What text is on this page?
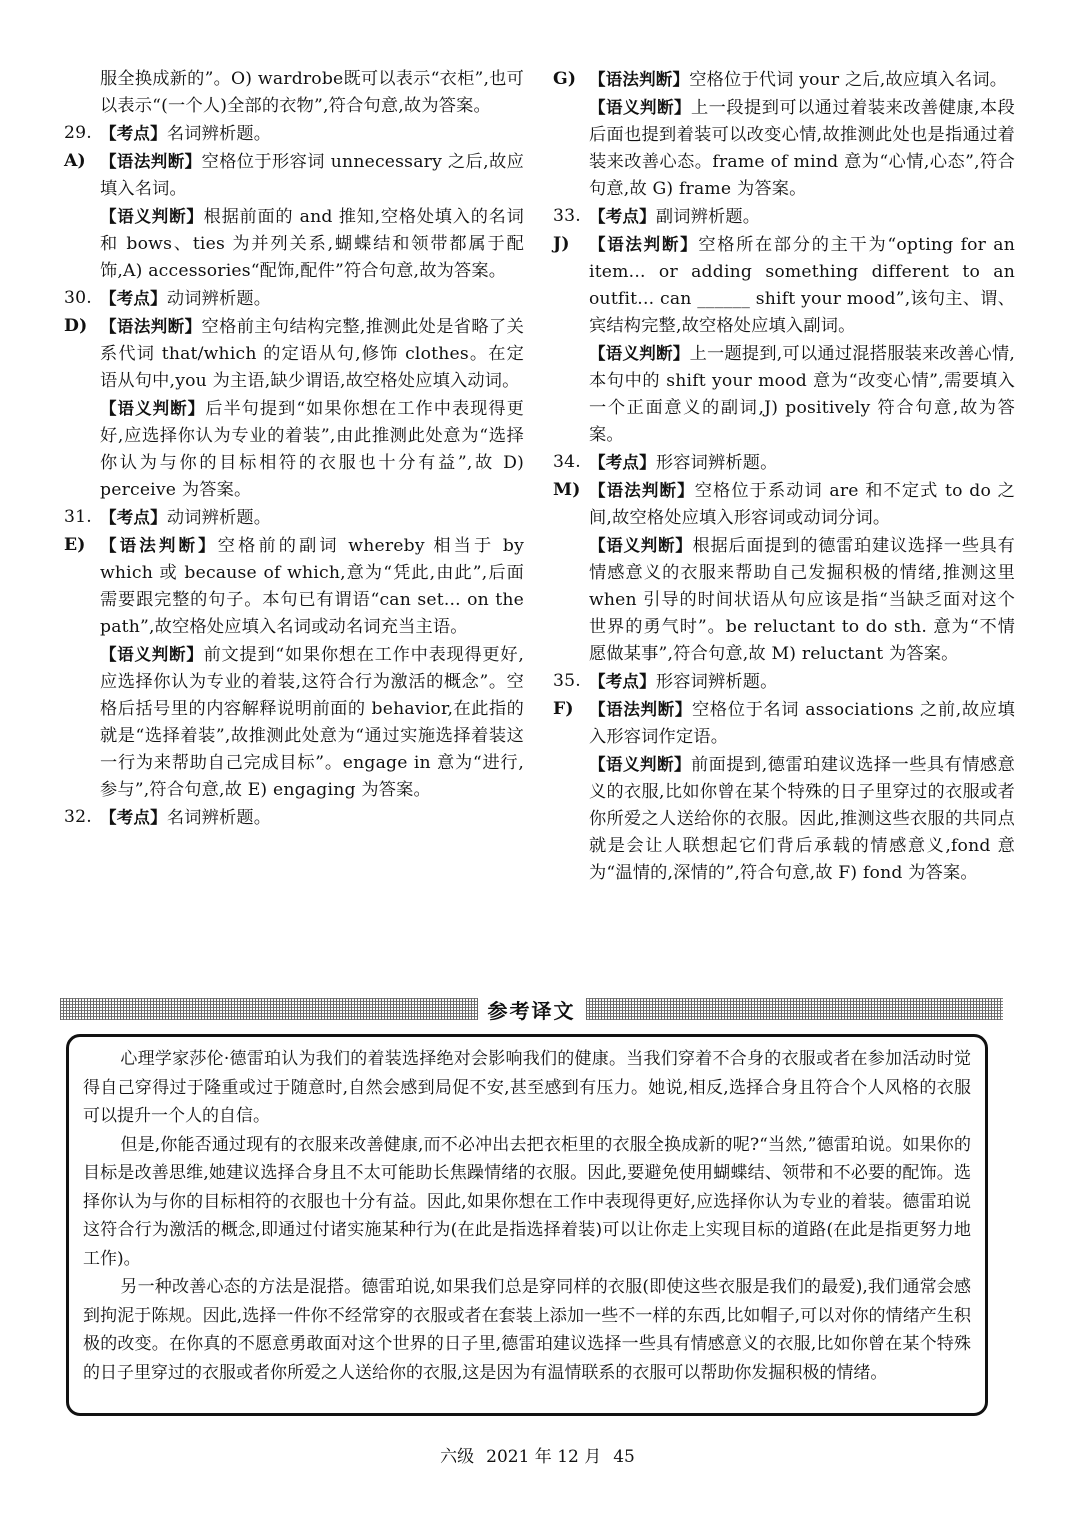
服全换成新的”。O) wardrobe既可以表示“衣柜”,也可以表示“(一个人)全部的衣物”,符合句意,故为答案。
29. 【考点】名词辨析题。
A) 【语法判断】空格位于形容词 unnecessary 之后,故应填入名词。
【语义判断】根据前面的 and 推知,空格处填入的名词和 bows、ties 为并列关系,蝴蝶结和领带都属于配饰,A) accessories“配饰,配件”符合句意,故为答案。
30. 【考点】动词辨析题。
D) 【语法判断】空格前主句结构完整,推测此处是省略了关系代词 that/which 的定语从句,修饰 clothes。在定语从句中,you 为主语,缺少谓语,故空格处应填入动词。
【语义判断】后半句提到“如果你想在工作中表现得更好,应选择你认为专业的着装”,由此推测此处意为“选择你认为与你的目标相符的衣服也十分有益”,故 D) perceive 为答案。
31. 【考点】动词辨析题。
E) 【语法判断】空格前的副词 whereby 相当于 by which 或 because of which,意为“凭此,由此”,后面需要跟完整的句子。本句已有谓语“can set... on the path”,故空格处应填入名词或动名词充当主语。
【语义判断】前文提到“如果你想在工作中表现得更好,应选择你认为专业的着装,这符合行为激活的概念”。空格后括号里的内容解释说明前面的 behavior,在此指的就是“选择着装”,故推测此处意为“通过实施选择着装这一行为来帮助自己完成目标”。engage in 意为“进行,参与”,符合句意,故 E) engaging 为答案。
32. 【考点】名词辨析题。
G) 【语法判断】空格位于代词 your 之后,故应填入名词。
【语义判断】上一段提到可以通过着装来改善健康,本段后面也提到着装可以改变心情,故推测此处也是指通过着装来改善心态。frame of mind 意为“心情,心态”,符合句意,故 G) frame 为答案。
33. 【考点】副词辨析题。
J) 【语法判断】空格所在部分的主干为“opting for an item... or adding something different to an outfit... can ______ shift your mood”,该句主、谓、宾结构完整,故空格处应填入副词。
【语义判断】上一题提到,可以通过混搭服装来改善心情,本句中的 shift your mood 意为“改变心情”,需要填入一个正面意义的副词,J) positively 符合句意,故为答案。
34. 【考点】形容词辨析题。
M) 【语法判断】空格位于系动词 are 和不定式 to do 之间,故空格处应填入形容词或动词分词。
【语义判断】根据后面提到的德雷珀建议选择一些具有情感意义的衣服来帮助自己发掘积极的情绪,推测这里 when 引导的时间状语从句应该是指“当缺乏面对这个世界的勇气时”。be reluctant to do sth. 意为“不情愿做某事”,符合句意,故 M) reluctant 为答案。
35. 【考点】形容词辨析题。
F) 【语法判断】空格位于名词 associations 之前,故应填入形容词作定语。
【语义判断】前面提到,德雷珀建议选择一些具有情感意义的衣服,比如你曾在某个特殊的日子里穿过的衣服或者你所爱之人送给你的衣服。因此,推测这些衣服的共同点就是会让人联想起它们背后承载的情感意义,fond 意为“温情的,深情的”,符合句意,故 F) fond 为答案。
参考译文

心理学家莎伦·德雷珀认为我们的着装选择绝对会影响我们的健康。当我们穿着不合身的衣服或者在参加活动时觉得自己穿得过于隆重或过于随意时,自然会感到局促不安,甚至感到有压力。她说,相反,选择合身且符合个人风格的衣服可以提升一个人的自信。

但是,你能否通过现有的衣服来改善健康,而不必冲出去把衣柜里的衣服全换成新的呢?“当然,”德雷珀说。如果你的目标是改善思维,她建议选择合身且不太可能助长焦躁情绪的衣服。因此,要避免使用蝴蝶结、领带和不必要的配饰。选择你认为与你的目标相符的衣服也十分有益。因此,如果你想在工作中表现得更好,应选择你认为专业的着装。德雷珀说这符合行为激活的概念,即通过付诸实施某种行为(在此是指选择着装)可以让你走上实现目标的道路(在此是指更努力地工作)。

另一种改善心态的方法是混搭。德雷珀说,如果我们总是穿同样的衣服(即使这些衣服是我们的最爱),我们通常会感到拘泥于陈规。因此,选择一件你不经常穿的衣服或者在套装上添加一些不一样的东西,比如帽子,可以对你的情绪产生积极的改变。在你真的不愿意勇敢面对这个世界的日子里,德雷珀建议选择一些具有情感意义的衣服,比如你曾在某个特殊的日子里穿过的衣服或者你所爱之人送给你的衣服,这是因为有温情联系的衣服可以帮助你发掘积极的情绪。

六级 2021 年 12 月 45
